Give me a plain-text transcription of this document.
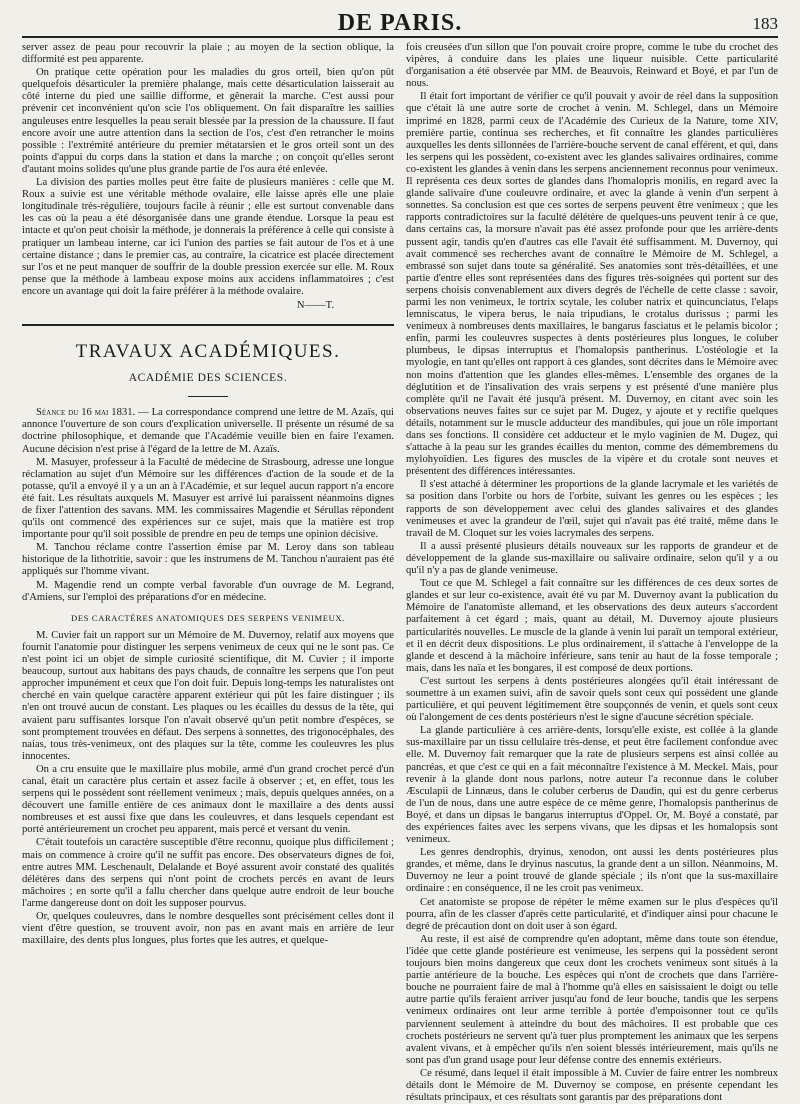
DE PARIS.	183

server assez de peau pour recouvrir la plaie ; au moyen de la section oblique, la difformité est peu apparente.

On pratique cette opération pour les maladies du gros orteil, bien qu'on pût quelquefois désarticuler la première phalange, mais cette désarticulation laisserait au côté interne du pied une saillie difforme, et gênerait la marche. C'est aussi pour prévenir cet inconvénient qu'on scie l'os obliquement. On fait disparaître les saillies anguleuses entre lesquelles la peau serait blessée par la pression de la chaussure. Il faut encore avoir une autre attention dans la section de l'os, c'est d'en retrancher le moins possible : l'extrémité antérieure du premier métatarsien et le gros orteil sont un des points d'appui du corps dans la station et dans la marche ; on conçoit qu'elles seront d'autant moins solides qu'une plus grande partie de l'os aura été enlevée.

La division des parties molles peut être faite de plusieurs manières : celle que M. Roux a suivie est une véritable méthode ovalaire, elle laisse après elle une plaie longitudinale très-régulière, toujours facile à réunir ; elle est surtout convenable dans les cas où la peau a été désorganisée dans une grande étendue. Lorsque la peau est intacte et qu'on peut choisir la méthode, je donnerais la préférence à celle qui consiste à pratiquer un lambeau interne, car ici l'union des parties se fait autour de l'os et à une certaine distance ; dans le premier cas, au contraire, la cicatrice est placée directement sur l'os et ne peut manquer de souffrir de la double pression exercée sur elle. M. Roux pense que la méthode à lambeau expose moins aux accidens inflammatoires ; c'est encore un avantage qui doit la faire préférer à la méthode ovalaire.

N——T.
TRAVAUX ACADÉMIQUES.
ACADÉMIE DES SCIENCES.

Séance du 16 mai 1831. — La correspondance comprend une lettre de M. Azaïs, qui annonce l'ouverture de son cours d'explication universelle. Il présente un résumé de sa doctrine philosophique, et demande que l'Académie veuille bien en faire l'examen. Aucune décision n'est prise à l'égard de la lettre de M. Azaïs.

M. Masuyer, professeur à la Faculté de médecine de Strasbourg, adresse une longue réclamation au sujet d'un Mémoire sur les différences d'action de la soude et de la potasse, qu'il a envoyé il y a un an à l'Académie, et sur lequel aucun rapport n'a encore été fait. Les résultats auxquels M. Masuyer est arrivé lui paraissent néanmoins dignes de fixer l'attention des savans. MM. les commissaires Magendie et Sérullas répondent qu'ils ont commencé des expériences sur ce sujet, mais que la matière est trop importante pour qu'il soit possible de prendre en peu de temps une opinion décisive.

M. Tanchou réclame contre l'assertion émise par M. Leroy dans son tableau historique de la lithotritie, savoir : que les instrumens de M. Tanchou n'auraient pas été appliqués sur l'homme vivant.

M. Magendie rend un compte verbal favorable d'un ouvrage de M. Legrand, d'Amiens, sur l'emploi des préparations d'or en médecine.

DES CARACTÈRES ANATOMIQUES DES SERPENS VENIMEUX.

M. Cuvier fait un rapport sur un Mémoire de M. Duvernoy, relatif aux moyens que fournit l'anatomie pour distinguer les serpens venimeux de ceux qui ne le sont pas. Ce n'est point ici un objet de simple curiosité scientifique, dit M. Cuvier ; il importe beaucoup, surtout aux habitans des pays chauds, de connaître les serpens que l'on peut approcher impunément et ceux que l'on doit fuir. Depuis long-temps les naturalistes ont cherché en vain quelque caractère apparent extérieur qui pût les faire distinguer ; ils n'en ont trouvé aucun de constant. Les plaques ou les écailles du dessus de la tête, qui avaient paru suffisantes lorsque l'on n'avait observé qu'un petit nombre d'espèces, se sont promptement trouvées en défaut. Des serpens à sonnettes, des trigonocéphales, des naias, tous très-venimeux, ont des plaques sur la tête, comme les couleuvres les plus innocentes.

On a cru ensuite que le maxillaire plus mobile, armé d'un grand crochet percé d'un canal, était un caractère plus certain et assez facile à observer ; et, en effet, tous les serpens qui le possèdent sont réellement venimeux ; mais, depuis quelques années, on a découvert une famille entière de ces animaux dont le maxillaire a des dents aussi nombreuses et est aussi fixe que dans les couleuvres, et dans lesquels cependant est porté antérieurement un crochet peu apparent, mais percé et versant du venin.

C'était toutefois un caractère susceptible d'être reconnu, quoique plus difficilement ; mais on commence à croire qu'il ne suffit pas encore. Des observateurs dignes de foi, entre autres MM. Leschenault, Delalande et Boyé assurent avoir constaté des qualités délétères dans des serpens qui n'ont point de crochets percés en avant de leurs mâchoires ; en sorte qu'il a fallu chercher dans quelque autre endroit de leur bouche l'arme dangereuse dont on doit les supposer pourvus.

Or, quelques couleuvres, dans le nombre desquelles sont précisément celles dont il vient d'être question, se trouvent avoir, non pas en avant mais en arrière de leur maxillaire, des dents plus longues, plus fortes que les autres, et quelque-

fois creusées d'un sillon que l'on pouvait croire propre, comme le tube du crochet des vipères, à conduire dans les plaies une liqueur nuisible. Cette particularité d'organisation a été observée par MM. de Beauvois, Reinward et Boyé, et par l'un de nous.

Il était fort important de vérifier ce qu'il pouvait y avoir de réel dans la supposition que c'était là une autre sorte de crochet à venin. M. Schlegel, dans un Mémoire imprimé en 1828, parmi ceux de l'Académie des Curieux de la Nature, tome XIV, première partie, continua ses recherches, et fit connaître les glandes particulières auxquelles les dents sillonnées de l'arrière-bouche servent de canal efférent, et qui, dans les serpens qui les possèdent, co-existent avec les glandes salivaires ordinaires, comme co-existent les glandes à venin dans les serpens anciennement reconnus pour venimeux. Il représenta ces deux sortes de glandes dans l'homalopris monilis, en regard avec la glande salivaire d'une couleuvre ordinaire, et avec la glande à venin d'un serpent à sonnettes. Sa conclusion est que ces sortes de serpens peuvent être venimeux ; que les rapports contradictoires sur la faculté délétère de quelques-uns peuvent tenir à ce que, dans certains cas, la morsure n'avait pas été assez profonde pour que les arrière-dents pussent agir, tandis qu'en d'autres cas elle l'avait été suffisamment. M. Duvernoy, qui avait commencé ses recherches avant de connaître le Mémoire de M. Schlegel, a embrassé son sujet dans toute sa généralité. Ses anatomies sont très-détaillées, et une partie d'entre elles sont représentées dans des figures très-soignées qui portent sur des serpens choisis convenablement aux divers degrés de l'échelle de cette classe : savoir, parmi les non venimeux, le tortrix scytale, les coluber natrix et quincunciatus, l'elaps lemniscatus, le vipera berus, le naia tripudians, le crotalus durissus ; parmi les venimeux à nombreuses dents maxillaires, le bangarus fasciatus et le pelamis bicolor ; enfin, parmi les couleuvres suspectes à dents postérieures plus longues, le coluber plumbeus, le dipsas interruptus et l'homalopsis pantherinus. L'ostéologie et la myologie, en tant qu'elles ont rapport à ces glandes, sont décrites dans le Mémoire avec non moins d'attention que les glandes elles-mêmes. L'ensemble des organes de la déglutition et de l'insalivation des vrais serpens y est présenté d'une manière plus complète qu'il ne l'avait été jusqu'à présent. M. Duvernoy, en citant avec soin les observations neuves faites sur ce sujet par M. Dugez, y ajoute et y rectifie quelques détails, notamment sur le muscle adducteur des mandibules, qui joue un rôle important dans ses fonctions. Il considère cet adducteur et le mylo vaginien de M. Dugez, qui s'attache à la peau sur les grandes écailles du menton, comme des démembremens du mylohyoïdien. Les figures des muscles de la vipère et du crotale sont neuves et présentent des différences intéressantes.

Il s'est attaché à déterminer les proportions de la glande lacrymale et les variétés de sa position dans l'orbite ou hors de l'orbite, suivant les genres ou les espèces ; les rapports de son développement avec celui des glandes salivaires et des glandes venimeuses et avec la grandeur de l'œil, sujet qui n'avait pas été traité, même dans le travail de M. Cloquet sur les voies lacrymales des serpens.

Il a aussi présenté plusieurs détails nouveaux sur les rapports de grandeur et de développement de la glande sus-maxillaire ou salivaire ordinaire, selon qu'il y a ou qu'il n'y a pas de glande venimeuse.

Tout ce que M. Schlegel a fait connaître sur les différences de ces deux sortes de glandes et sur leur co-existence, avait été vu par M. Duvernoy avant la publication du Mémoire de l'anatomiste allemand, et les observations des deux auteurs s'accordent parfaitement à cet égard ; mais, quant au détail, M. Duvernoy ajoute plusieurs particularités nouvelles. Le muscle de la glande à venin lui paraît un temporal extérieur, et il en décrit deux dispositions. Le plus ordinairement, il s'attache à l'enveloppe de la glande et descend à la mâchoire inférieure, sans tenir au haut de la fosse temporale ; mais, dans les naïa et les bongares, il est composé de deux portions.

C'est surtout les serpens à dents postérieures alongées qu'il était intéressant de soumettre à un examen suivi, afin de savoir quels sont ceux qui possèdent une glande particulière, et qui peuvent légitimement être soupçonnés de venin, et quels sont ceux où l'alongement de ces dents postérieurs n'est le signe d'aucune sécrétion spéciale.

La glande particulière à ces arrière-dents, lorsqu'elle existe, est collée à la glande sus-maxillaire par un tissu cellulaire très-dense, et peut être facilement confondue avec elle. M. Duvernoy fait remarquer que la rate de plusieurs serpens est ainsi collée au pancréas, et que c'est ce qui en a fait méconnaître l'existence à M. Meckel. Mais, pour revenir à la glande dont nous parlons, notre auteur l'a reconnue dans le coluber Æsculapii de Linnæus, dans le coluber cerberus de Daudin, qui est du genre cerberus de l'un de nous, dans une autre espèce de ce même genre, l'homalopsis pantherinus de Boyé, et dans un dipsas le bangarus interruptus d'Oppel. Or, M. Boyé a constaté, par des expériences faites avec les serpens vivans, que les dipsas et les homalopsis sont venimeux.

Les genres dendrophis, dryinus, xenodon, ont aussi les dents postérieures plus grandes, et même, dans le dryinus nascutus, la grande dent a un sillon. Néanmoins, M. Duvernoy ne leur a point trouvé de glande spéciale ; ils n'ont que la sus-maxillaire ordinaire : en conséquence, il ne les croit pas venimeux.

Cet anatomiste se propose de répéter le même examen sur le plus d'espèces qu'il pourra, afin de les classer d'après cette particularité, et d'indiquer ainsi pour chacune le degré de précaution dont on doit user à son égard.

Au reste, il est aisé de comprendre qu'en adoptant, même dans toute son étendue, l'idée que cette glande postérieure est venimeuse, les serpens qui la possèdent seront toujours bien moins dangereux que ceux dont les crochets venimeux sont situés à la partie antérieure de la bouche. Les espèces qui n'ont de crochets que dans l'arrière-bouche ne pourraient faire de mal à l'homme qu'à elles en saisissaient le doigt ou telle autre partie qu'ils feraient arriver jusqu'au fond de leur bouche, tandis que les serpens venimeux ordinaires ont leur arme terrible à portée d'empoisonner tout ce qu'ils parviennent seulement à atteindre du bout des mâchoires. Il est probable que ces crochets postérieurs ne servent qu'à tuer plus promptement les animaux que les serpens avalent vivans, et à empêcher qu'ils n'en soient blessés intérieurement, mais qu'ils ne sont pas d'un grand usage pour leur défense contre des ennemis extérieurs.

Ce résumé, dans lequel il était impossible à M. Cuvier de faire entrer les nombreux détails dont le Mémoire de M. Duvernoy se compose, en présente cependant les résultats principaux, et ces résultats sont garantis par des préparations dont
